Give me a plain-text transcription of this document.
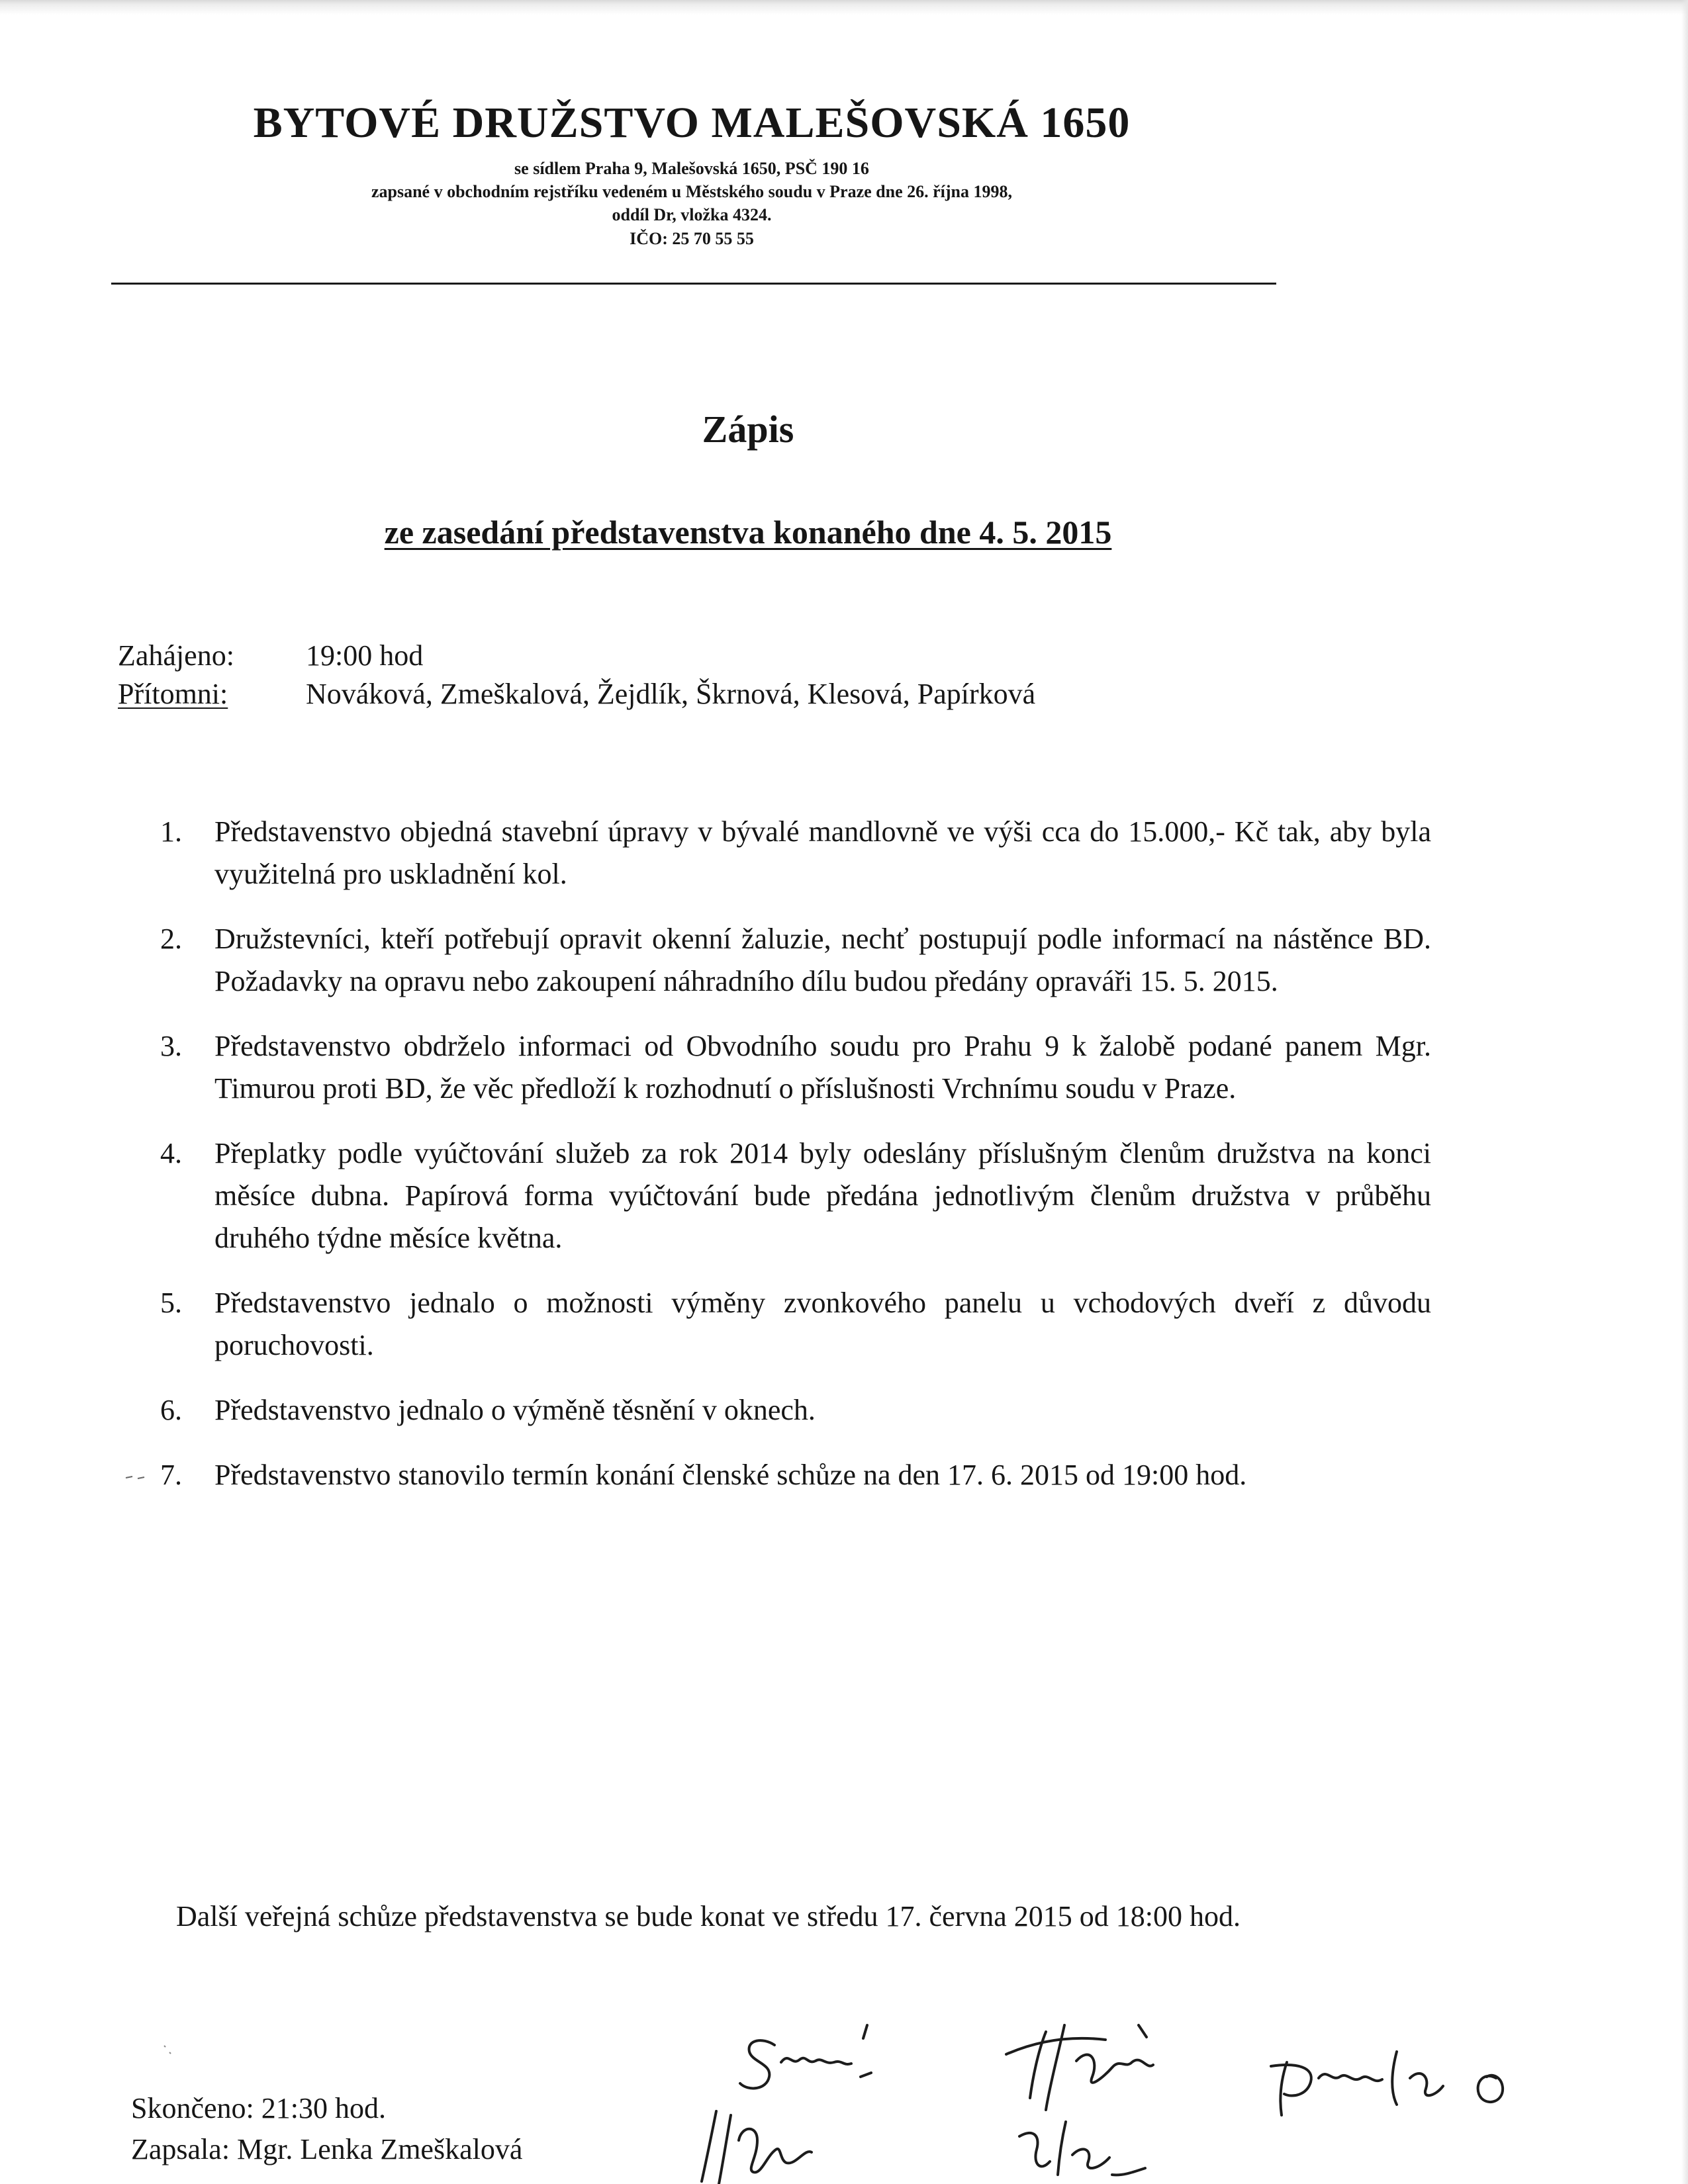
BYTOVÉ DRUŽSTVO MALEŠOVSKÁ 1650
se sídlem Praha 9, Malešovská 1650, PSČ 190 16
zapsané v obchodním rejstříku vedeném u Městského soudu v Praze dne 26. října 1998,
oddíl Dr, vložka 4324.
IČO: 25 70 55 55
Zápis
ze zasedání představenstva konaného dne 4. 5. 2015
Zahájeno: 19:00 hod
Přítomni:	Nováková, Zmeškalová, Žejdlík, Škrnová, Klesová, Papírková
1.	Představenstvo objedná stavební úpravy v bývalé mandlovně ve výši cca do 15.000,- Kč tak, aby byla využitelná pro uskladnění kol.
2.	Družstevníci, kteří potřebují opravit okenní žaluzie, nechť postupují podle informací na nástěnce BD. Požadavky na opravu nebo zakoupení náhradního dílu budou předány opraváři 15. 5. 2015.
3.	Představenstvo obdrželo informaci od Obvodního soudu pro Prahu 9 k žalobě podané panem Mgr. Timurou proti BD, že věc předloží k rozhodnutí o příslušnosti Vrchnímu soudu v Praze.
4.	Přeplatky podle vyúčtování služeb za rok 2014 byly odeslány příslušným členům družstva na konci měsíce dubna. Papírová forma vyúčtování bude předána jednotlivým členům družstva v průběhu druhého týdne měsíce května.
5.	Představenstvo jednalo o možnosti výměny zvonkového panelu u vchodových dveří z důvodu poruchovosti.
6.	Představenstvo jednalo o výměně těsnění v oknech.
7.	Představenstvo stanovilo termín konání členské schůze na den 17. 6. 2015 od 19:00 hod.
Další veřejná schůze představenstva se bude konat ve středu 17. června 2015 od 18:00 hod.
Skončeno: 21:30 hod.
Zapsala: Mgr. Lenka Zmeškalová
